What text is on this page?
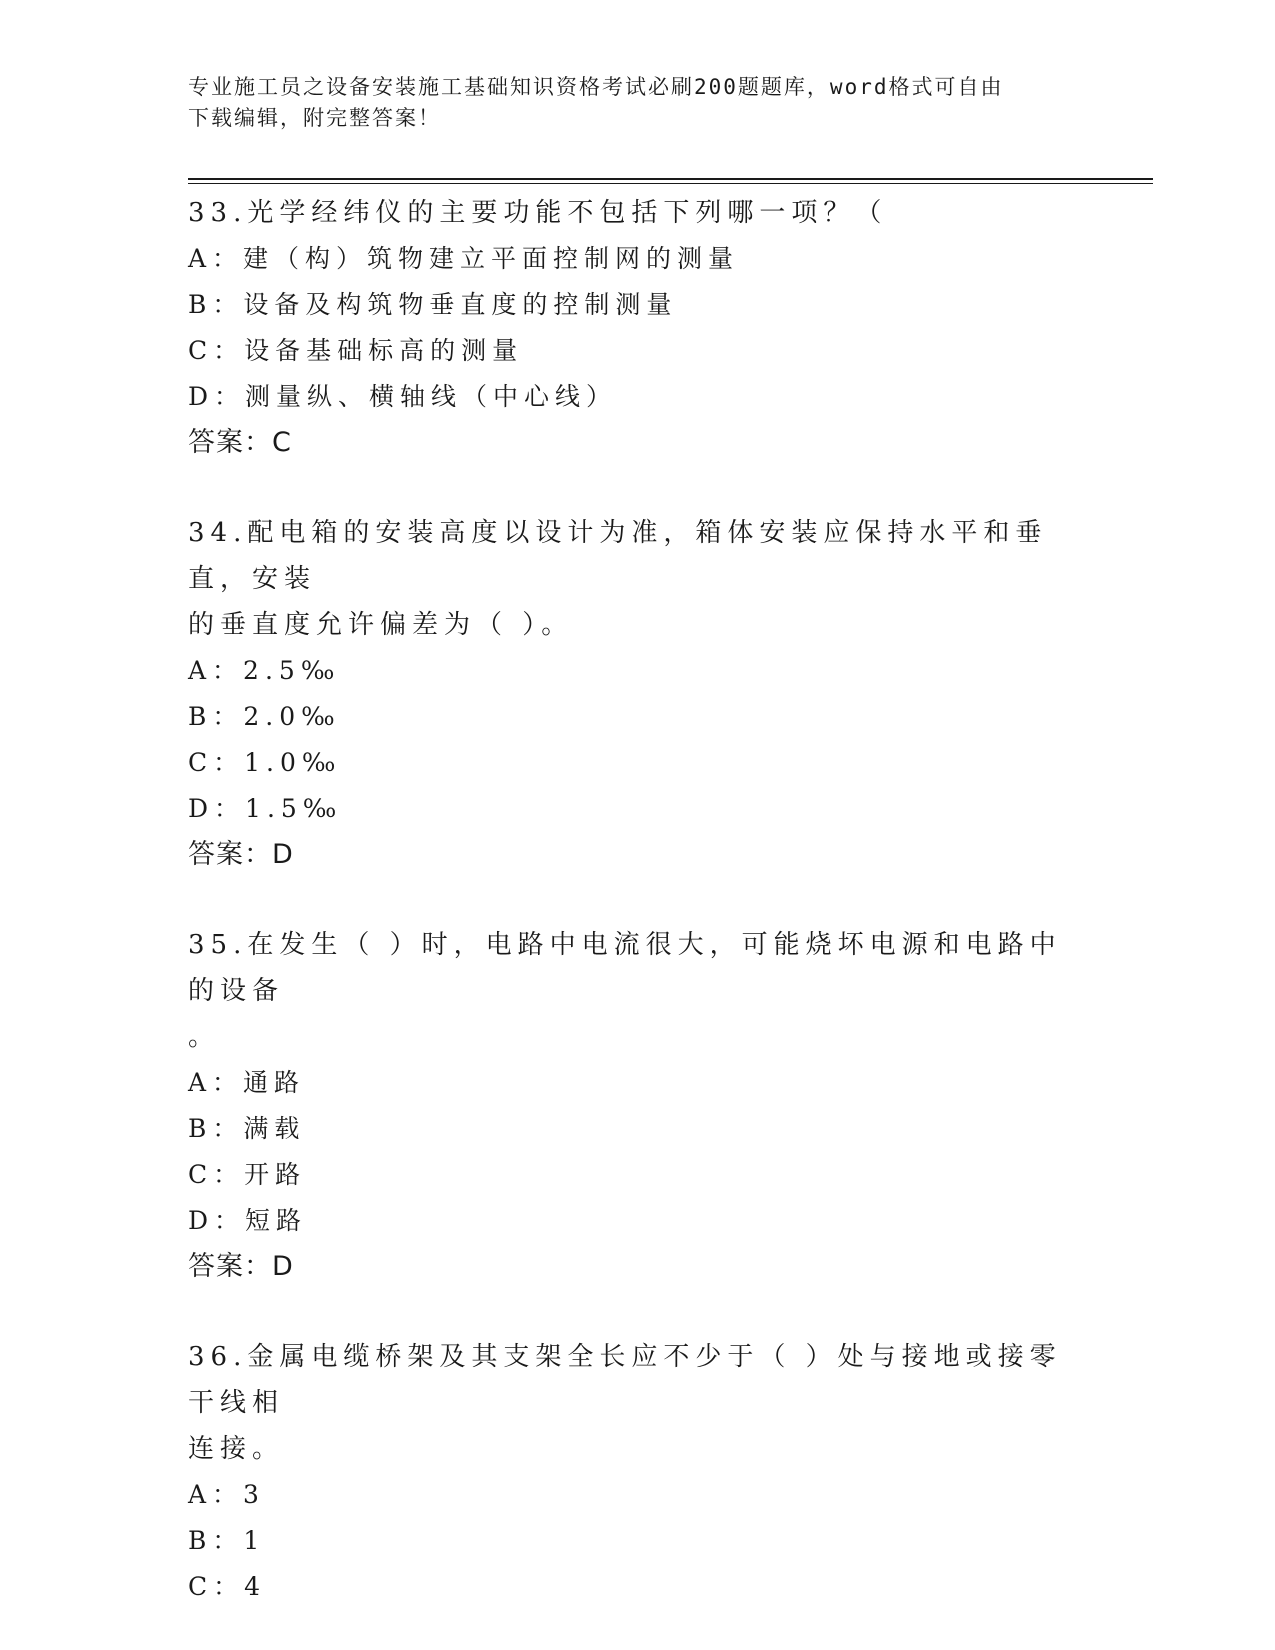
专业施工员之设备安装施工基础知识资格考试必刷200题题库，word格式可自由
下载编辑，附完整答案！

33.光学经纬仪的主要功能不包括下列哪一项？（

A：建（构）筑物建立平面控制网的测量

B：设备及构筑物垂直度的控制测量

C：设备基础标高的测量

D：测量纵、横轴线（中心线）

答案：C

34.配电箱的安装高度以设计为准，箱体安装应保持水平和垂直，安装

的垂直度允许偏差为（ ）。

A：2.5‰

B：2.0‰

C：1.0‰

D：1.5‰

答案：D

35.在发生（ ）时，电路中电流很大，可能烧坏电源和电路中的设备

。

A：通路

B：满载

C：开路

D：短路

答案：D

36.金属电缆桥架及其支架全长应不少于（ ）处与接地或接零干线相

连接。

A：3

B：1

C：4
